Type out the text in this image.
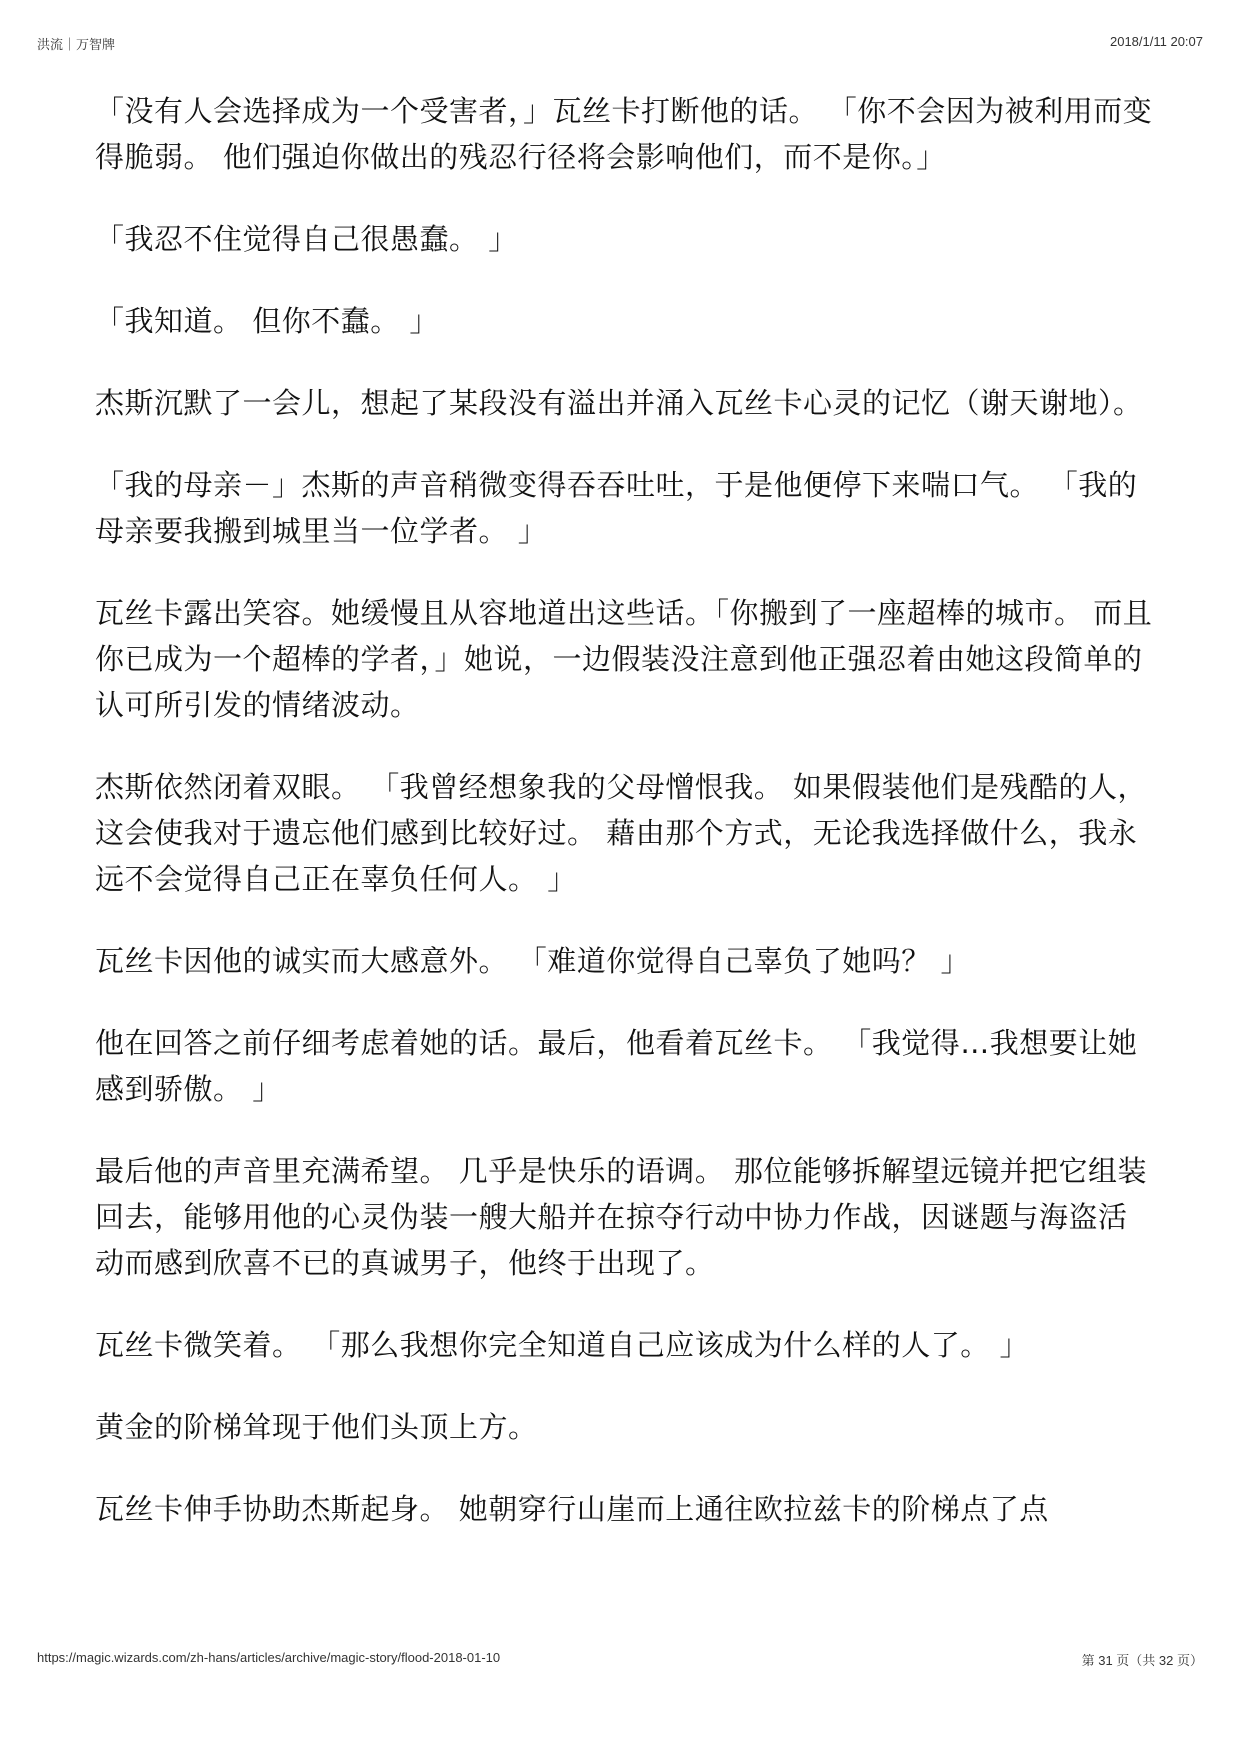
洪流｜万智牌	2018/1/11 20:07

「没有人会选择成为一个受害者，」瓦丝卡打断他的话。 「你不会因为被利用而变得脆弱。 他们强迫你做出的残忍行径将会影响他们，而不是你。」

「我忍不住觉得自己很愚蠢。 」

「我知道。 但你不蠢。 」

杰斯沉默了一会儿，想起了某段没有溢出并涌入瓦丝卡心灵的记忆（谢天谢地）。

「我的母亲－」杰斯的声音稍微变得吞吞吐吐，于是他便停下来喘口气。 「我的母亲要我搬到城里当一位学者。 」

瓦丝卡露出笑容。她缓慢且从容地道出这些话。「你搬到了一座超棒的城市。 而且你已成为一个超棒的学者，」她说，一边假装没注意到他正强忍着由她这段简单的认可所引发的情绪波动。

杰斯依然闭着双眼。 「我曾经想象我的父母憎恨我。 如果假装他们是残酷的人，这会使我对于遗忘他们感到比较好过。 藉由那个方式，无论我选择做什么，我永远不会觉得自己正在辜负任何人。 」

瓦丝卡因他的诚实而大感意外。 「难道你觉得自己辜负了她吗？ 」

他在回答之前仔细考虑着她的话。最后，他看着瓦丝卡。 「我觉得…我想要让她感到骄傲。 」

最后他的声音里充满希望。 几乎是快乐的语调。 那位能够拆解望远镜并把它组装回去，能够用他的心灵伪装一艘大船并在掠夺行动中协力作战，因谜题与海盗活动而感到欣喜不已的真诚男子，他终于出现了。

瓦丝卡微笑着。 「那么我想你完全知道自己应该成为什么样的人了。 」

黄金的阶梯耸现于他们头顶上方。

瓦丝卡伸手协助杰斯起身。 她朝穿行山崖而上通往欧拉兹卡的阶梯点了点

https://magic.wizards.com/zh-hans/articles/archive/magic-story/flood-2018-01-10	第 31 页（共 32 页）
